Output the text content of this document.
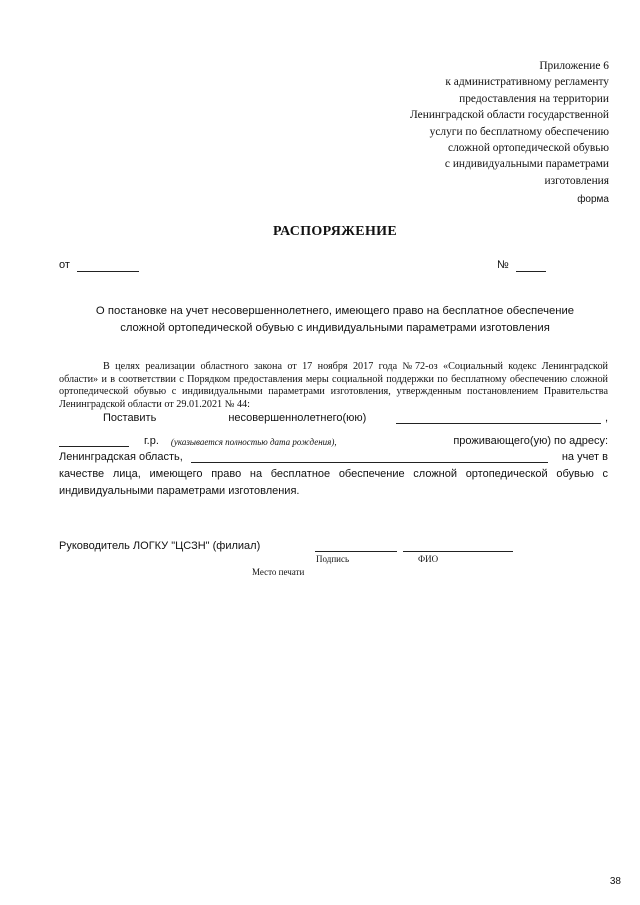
Приложение 6
к административному регламенту
предоставления на территории
Ленинградской области государственной
услуги по бесплатному обеспечению
сложной ортопедической обувью
с индивидуальными параметрами
изготовления
форма
РАСПОРЯЖЕНИЕ
от	№
О постановке на учет несовершеннолетнего, имеющего право на бесплатное обеспечение
сложной ортопедической обувью с индивидуальными параметрами изготовления
В целях реализации областного закона от 17 ноября 2017 года №72-оз «Социальный кодекс Ленинградской области» и в соответствии с Порядком предоставления меры социальной поддержки по бесплатному обеспечению сложной ортопедической обувью с индивидуальными параметрами изготовления, утвержденным постановлением Правительства Ленинградской области от 29.01.2021 № 44:
Поставить	несовершеннолетнего(юю)	,

г.р. (указывается полностью дата рождения),	проживающего(ую) по адресу:
Ленинградская область,	на учет в
качестве лица, имеющего право на бесплатное обеспечение сложной ортопедической обувью с индивидуальными параметрами изготовления.
Руководитель ЛОГКУ "ЦСЗН" (филиал)
Подпись	ФИО
Место печати
38
